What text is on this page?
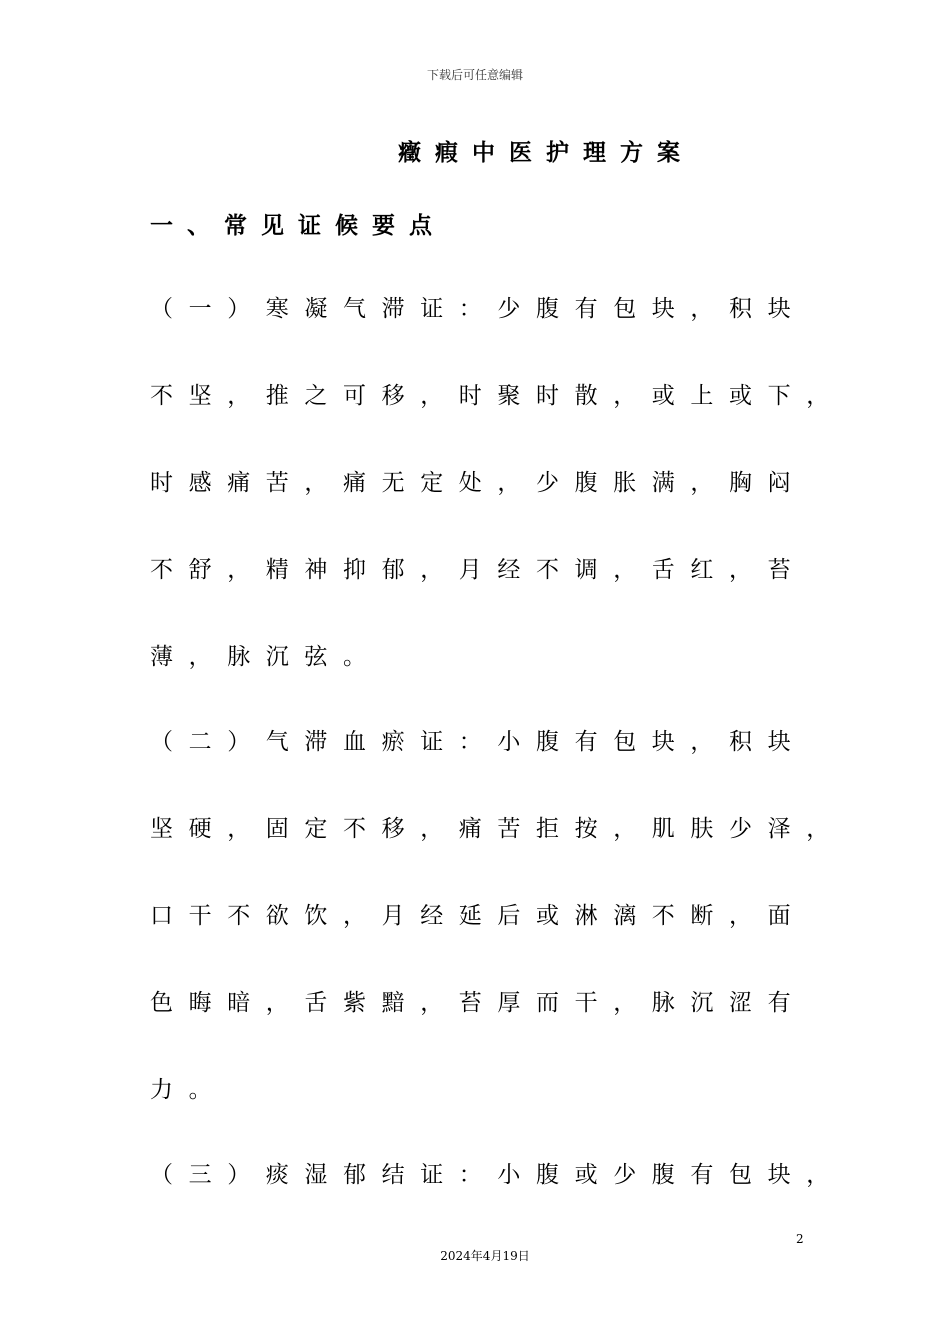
下载后可任意编辑
癥瘕中医护理方案
一、常见证候要点
（一）寒凝气滞证：少腹有包块，积块
不坚，推之可移，时聚时散，或上或下，
时感痛苦，痛无定处，少腹胀满，胸闷
不舒，精神抑郁，月经不调，舌红，苔
薄，脉沉弦。
（二）气滞血瘀证：小腹有包块，积块
坚硬，固定不移，痛苦拒按，肌肤少泽，
口干不欲饮，月经延后或淋漓不断，面
色晦暗，舌紫黯，苔厚而干，脉沉涩有
力。
（三）痰湿郁结证：小腹或少腹有包块，
2
2024年4月19日
